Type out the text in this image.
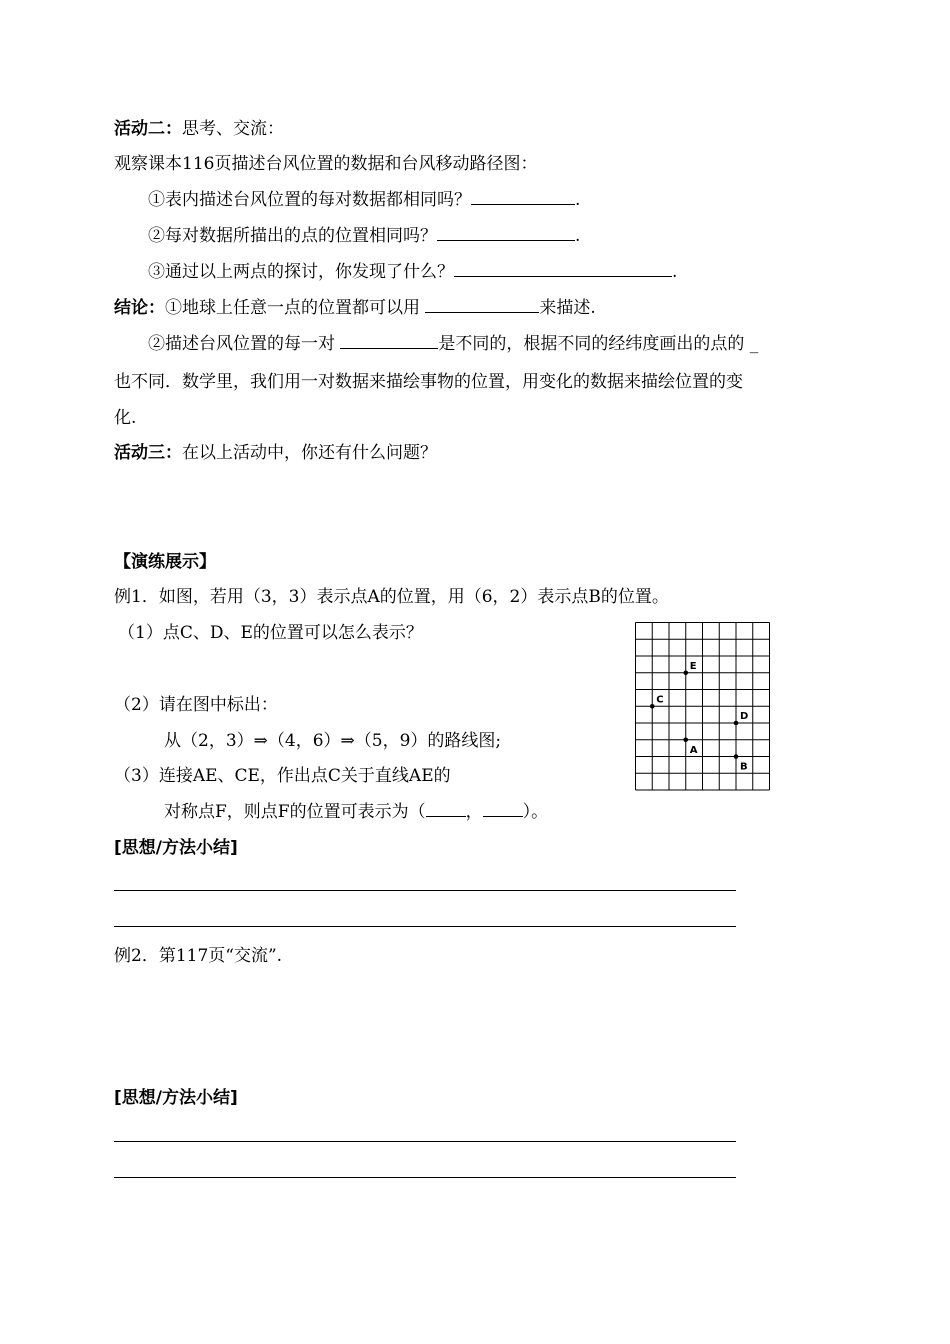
活动二：思考、交流：
观察课本116页描述台风位置的数据和台风移动路径图：
①表内描述台风位置的每对数据都相同吗？	.
②每对数据所描出的点的位置相同吗？	.
③通过以上两点的探讨，你发现了什么？	.
结论：①地球上任意一点的位置都可以用	来描述.
②描述台风位置的每一对	是不同的，根据不同的经纬度画出的点的 _
也不同．数学里，我们用一对数据来描绘事物的位置，用变化的数据来描绘位置的变
化.
活动三：在以上活动中，你还有什么问题？
【演练展示】
例1．如图，若用（3，3）表示点A的位置，用（6，2）表示点B的位置。
（1）点C、D、E的位置可以怎么表示？
（2）请在图中标出：
从（2，3）⇒（4，6）⇒（5，9）的路线图;
（3）连接AE、CE，作出点C关于直线AE的
对称点F，则点F的位置可表示为（ ， ）。
A
B
C
D
E
[思想/方法小结]
例2．第117页“交流”.
[思想/方法小结]
